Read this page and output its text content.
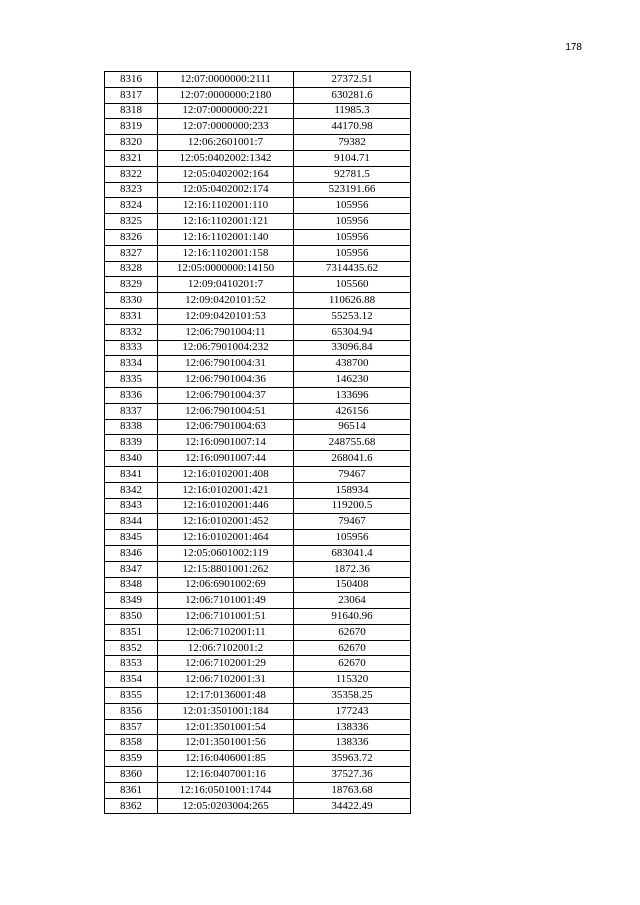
178
8316	12:07:0000000:2111	27372.51
8317	12:07:0000000:2180	630281.6
8318	12:07:0000000:221	11985.3
8319	12:07:0000000:233	44170.98
8320	12:06:2601001:7	79382
8321	12:05:0402002:1342	9104.71
8322	12:05:0402002:164	92781.5
8323	12:05:0402002:174	523191.66
8324	12:16:1102001:110	105956
8325	12:16:1102001:121	105956
8326	12:16:1102001:140	105956
8327	12:16:1102001:158	105956
8328	12:05:0000000:14150	7314435.62
8329	12:09:0410201:7	105560
8330	12:09:0420101:52	110626.88
8331	12:09:0420101:53	55253.12
8332	12:06:7901004:11	65304.94
8333	12:06:7901004:232	33096.84
8334	12:06:7901004:31	438700
8335	12:06:7901004:36	146230
8336	12:06:7901004:37	133696
8337	12:06:7901004:51	426156
8338	12:06:7901004:63	96514
8339	12:16:0901007:14	248755.68
8340	12:16:0901007:44	268041.6
8341	12:16:0102001:408	79467
8342	12:16:0102001:421	158934
8343	12:16:0102001:446	119200.5
8344	12:16:0102001:452	79467
8345	12:16:0102001:464	105956
8346	12:05:0601002:119	683041.4
8347	12:15:8801001:262	1872.36
8348	12:06:6901002:69	150408
8349	12:06:7101001:49	23064
8350	12:06:7101001:51	91640.96
8351	12:06:7102001:11	62670
8352	12:06:7102001:2	62670
8353	12:06:7102001:29	62670
8354	12:06:7102001:31	115320
8355	12:17:0136001:48	35358.25
8356	12:01:3501001:184	177243
8357	12:01:3501001:54	138336
8358	12:01:3501001:56	138336
8359	12:16:0406001:85	35963.72
8360	12:16:0407001:16	37527.36
8361	12:16:0501001:1744	18763.68
8362	12:05:0203004:265	34422.49
